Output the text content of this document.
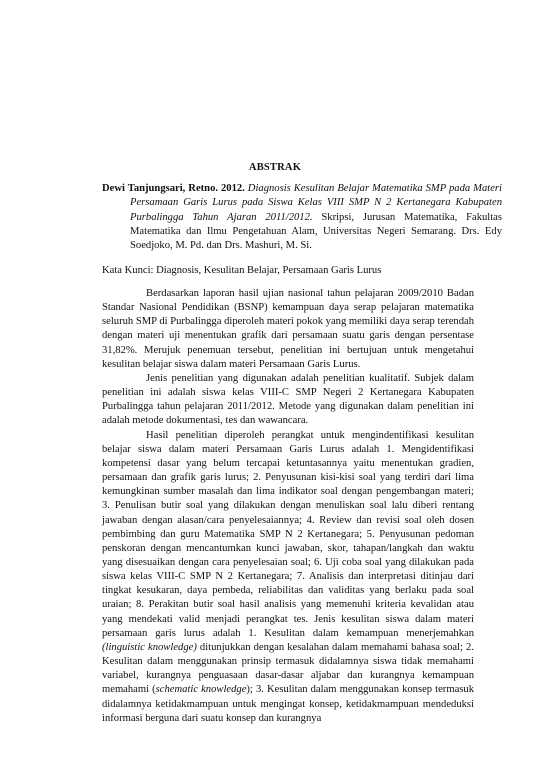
ABSTRAK
Dewi Tanjungsari, Retno. 2012. Diagnosis Kesulitan Belajar Matematika SMP pada Materi Persamaan Garis Lurus pada Siswa Kelas VIII SMP N 2 Kertanegara Kabupaten Purbalingga Tahun Ajaran 2011/2012. Skripsi, Jurusan Matematika, Fakultas Matematika dan Ilmu Pengetahuan Alam, Universitas Negeri Semarang. Drs. Edy Soedjoko, M. Pd. dan Drs. Mashuri, M. Si.
Kata Kunci: Diagnosis, Kesulitan Belajar, Persamaan Garis Lurus

Berdasarkan laporan hasil ujian nasional tahun pelajaran 2009/2010 Badan Standar Nasional Pendidikan (BSNP) kemampuan daya serap pelajaran matematika seluruh SMP di Purbalingga diperoleh materi pokok yang memiliki daya serap terendah dengan materi uji menentukan grafik dari persamaan suatu garis dengan persentase 31,82%. Merujuk penemuan tersebut, penelitian ini bertujuan untuk mengetahui kesulitan belajar siswa dalam materi Persamaan Garis Lurus.

Jenis penelitian yang digunakan adalah penelitian kualitatif. Subjek dalam penelitian ini adalah siswa kelas VIII-C SMP Negeri 2 Kertanegara Kabupaten Purbalingga tahun pelajaran 2011/2012. Metode yang digunakan dalam penelitian ini adalah metode dokumentasi, tes dan wawancara.

Hasil penelitian diperoleh perangkat untuk mengindentifikasi kesulitan belajar siswa dalam materi Persamaan Garis Lurus adalah 1. Mengidentifikasi kompetensi dasar yang belum tercapai ketuntasannya yaitu menentukan gradien, persamaan dan grafik garis lurus; 2. Penyusunan kisi-kisi soal yang terdiri dari lima kemungkinan sumber masalah dan lima indikator soal dengan pengembangan materi; 3. Penulisan butir soal yang dilakukan dengan menuliskan soal lalu diberi rentang jawaban dengan alasan/cara penyelesaiannya; 4. Review dan revisi soal oleh dosen pembimbing dan guru Matematika SMP N 2 Kertanegara; 5. Penyusunan pedoman penskoran dengan mencantumkan kunci jawaban, skor, tahapan/langkah dan waktu yang disesuaikan dengan cara penyelesaian soal; 6. Uji coba soal yang dilakukan pada siswa kelas VIII-C SMP N 2 Kertanegara; 7. Analisis dan interpretasi ditinjau dari tingkat kesukaran, daya pembeda, reliabilitas dan validitas yang berlaku pada soal uraian; 8. Perakitan butir soal hasil analisis yang memenuhi kriteria kevalidan atau yang mendekati valid menjadi perangkat tes. Jenis kesulitan siswa dalam materi persamaan garis lurus adalah 1. Kesulitan dalam kemampuan menerjemahkan (linguistic knowledge) ditunjukkan dengan kesalahan dalam memahami bahasa soal; 2. Kesulitan dalam menggunakan prinsip termasuk didalamnya siswa tidak memahami variabel, kurangnya penguasaan dasar-dasar aljabar dan kurangnya kemampuan memahami (schematic knowledge); 3. Kesulitan dalam menggunakan konsep termasuk didalamnya ketidakmampuan untuk mengingat konsep, ketidakmampuan mendeduksi informasi berguna dari suatu konsep dan kurangnya
